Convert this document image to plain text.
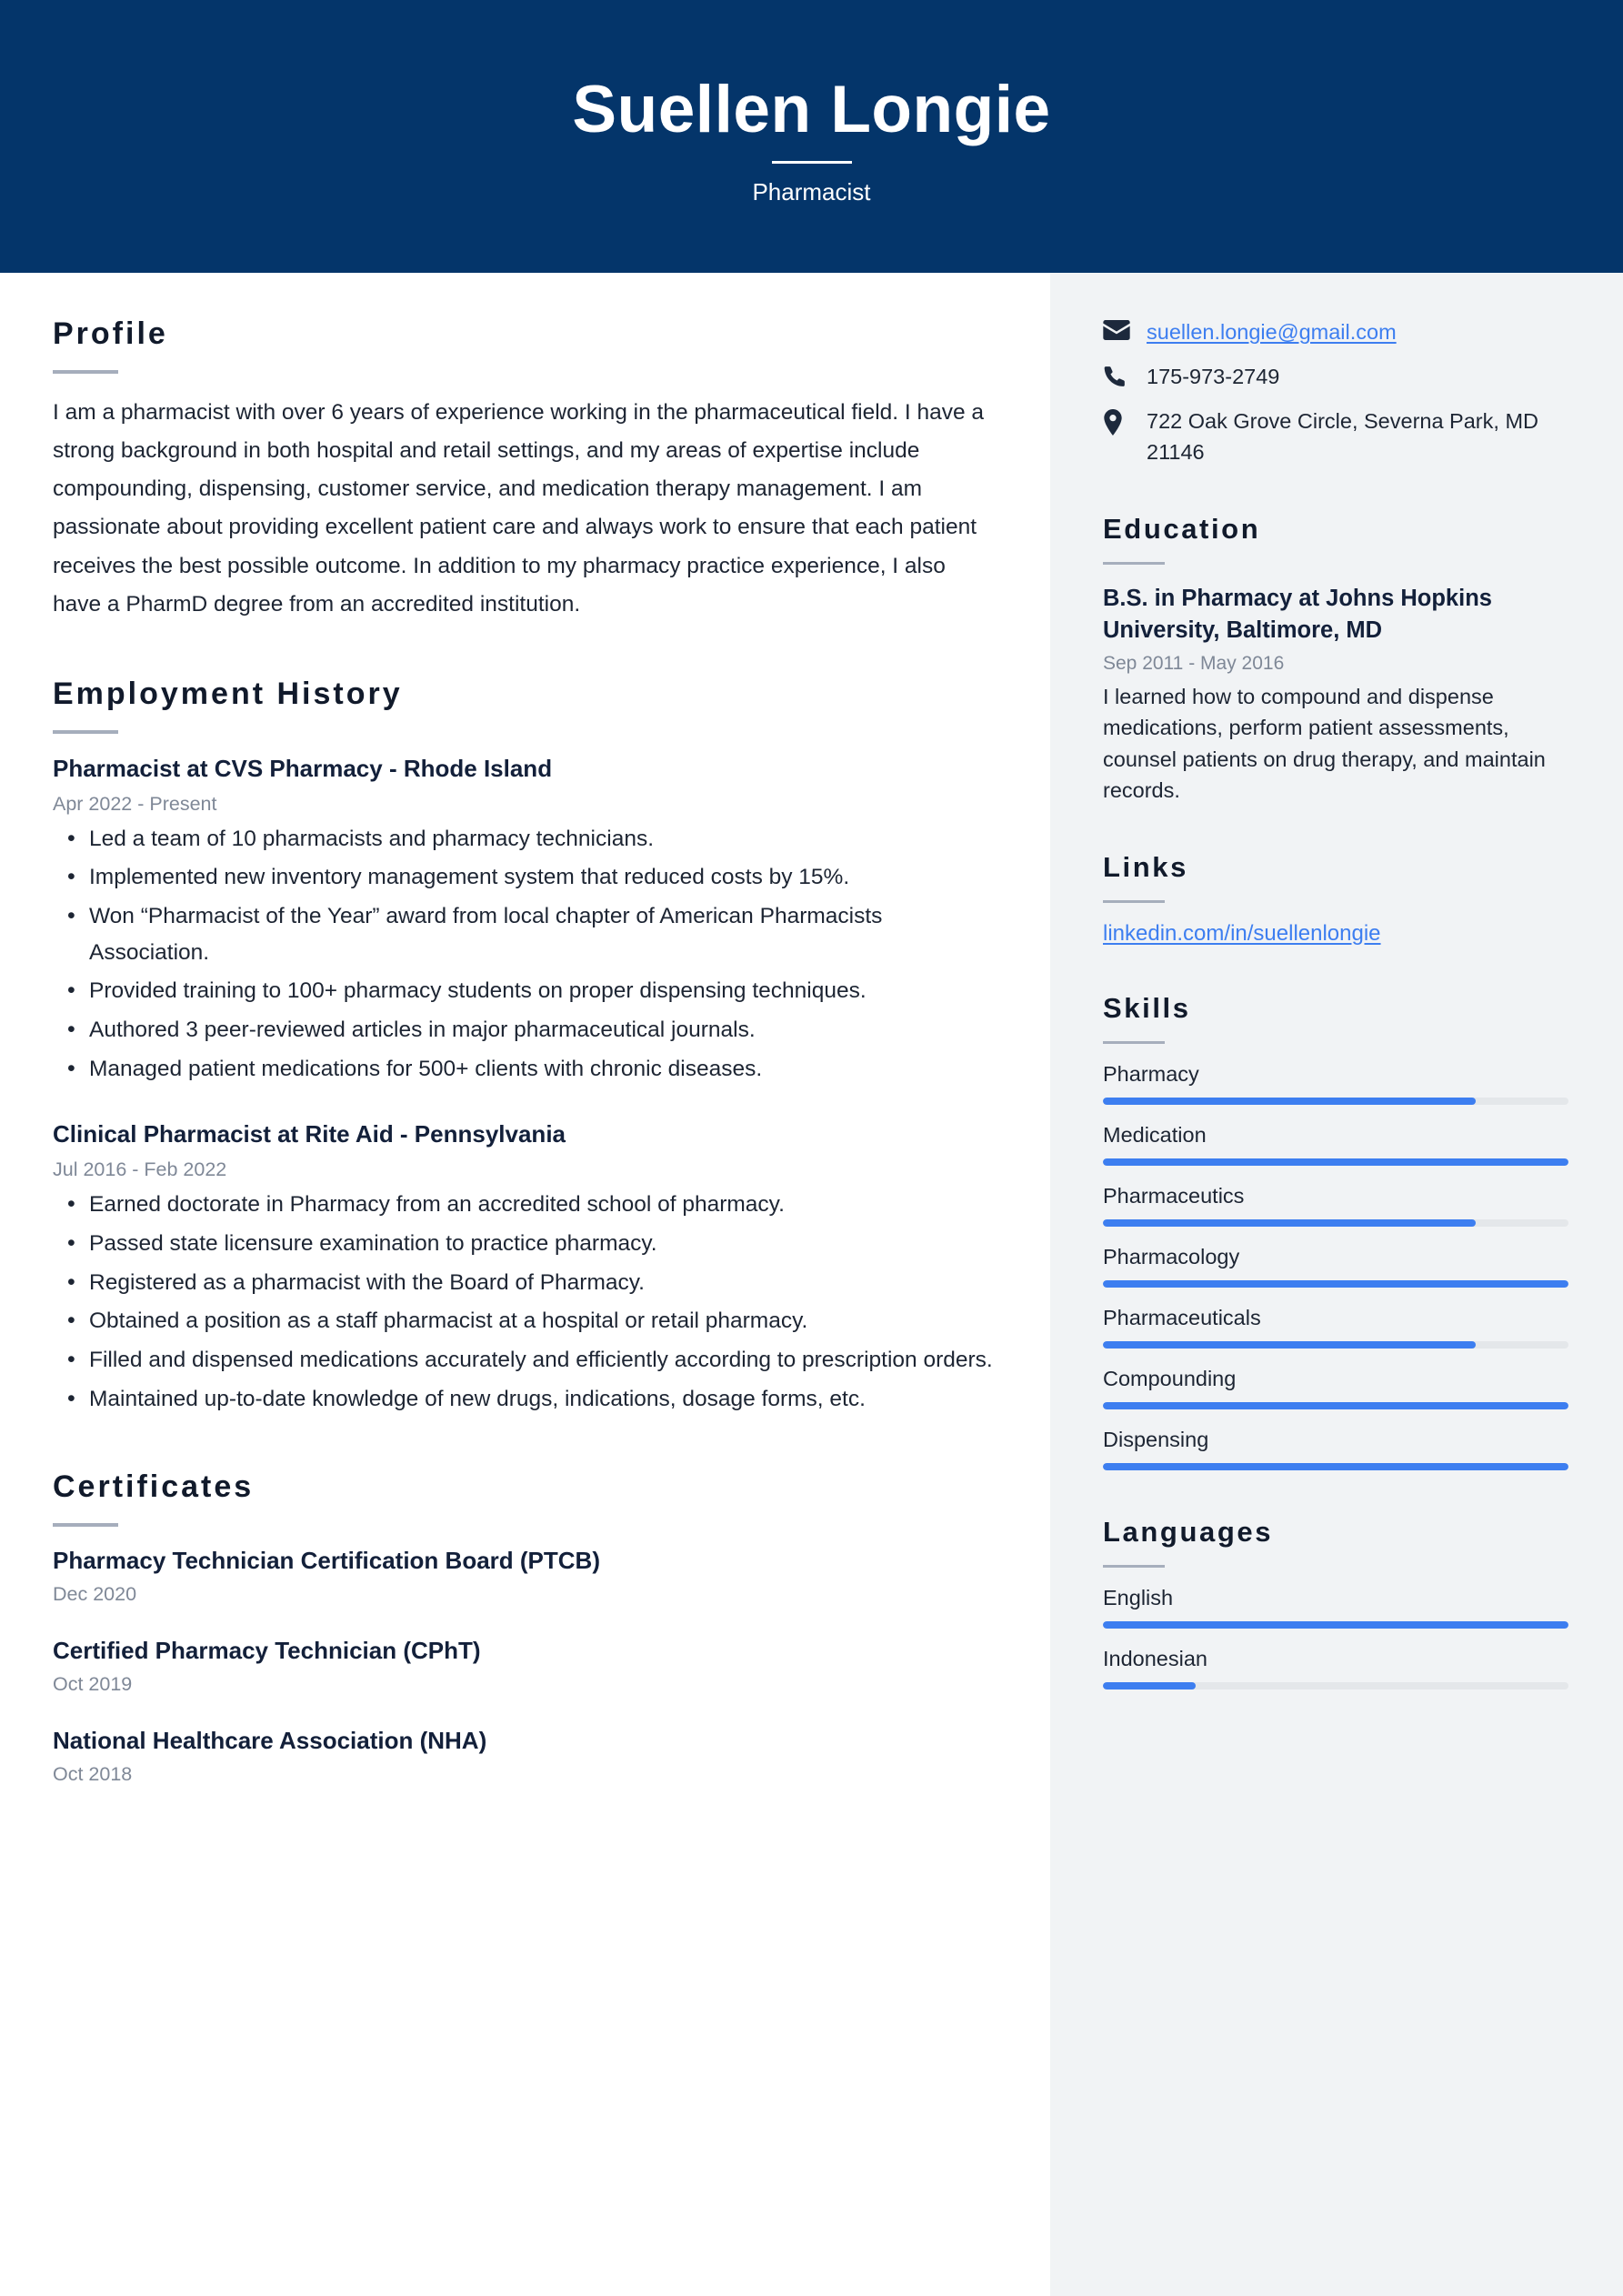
Suellen Longie
Pharmacist
Profile
I am a pharmacist with over 6 years of experience working in the pharmaceutical field. I have a strong background in both hospital and retail settings, and my areas of expertise include compounding, dispensing, customer service, and medication therapy management. I am passionate about providing excellent patient care and always work to ensure that each patient receives the best possible outcome. In addition to my pharmacy practice experience, I also have a PharmD degree from an accredited institution.
Employment History
Pharmacist at CVS Pharmacy - Rhode Island
Apr 2022 - Present
• Led a team of 10 pharmacists and pharmacy technicians.
• Implemented new inventory management system that reduced costs by 15%.
• Won “Pharmacist of the Year” award from local chapter of American Pharmacists Association.
• Provided training to 100+ pharmacy students on proper dispensing techniques.
• Authored 3 peer-reviewed articles in major pharmaceutical journals.
• Managed patient medications for 500+ clients with chronic diseases.
Clinical Pharmacist at Rite Aid - Pennsylvania
Jul 2016 - Feb 2022
• Earned doctorate in Pharmacy from an accredited school of pharmacy.
• Passed state licensure examination to practice pharmacy.
• Registered as a pharmacist with the Board of Pharmacy.
• Obtained a position as a staff pharmacist at a hospital or retail pharmacy.
• Filled and dispensed medications accurately and efficiently according to prescription orders.
• Maintained up-to-date knowledge of new drugs, indications, dosage forms, etc.
Certificates
Pharmacy Technician Certification Board (PTCB)
Dec 2020
Certified Pharmacy Technician (CPhT)
Oct 2019
National Healthcare Association (NHA)
Oct 2018
suellen.longie@gmail.com
175-973-2749
722 Oak Grove Circle, Severna Park, MD 21146
Education
B.S. in Pharmacy at Johns Hopkins University, Baltimore, MD
Sep 2011 - May 2016
I learned how to compound and dispense medications, perform patient assessments, counsel patients on drug therapy, and maintain records.
Links
linkedin.com/in/suellenlongie
Skills
Pharmacy
Medication
Pharmaceutics
Pharmacology
Pharmaceuticals
Compounding
Dispensing
Languages
English
Indonesian
